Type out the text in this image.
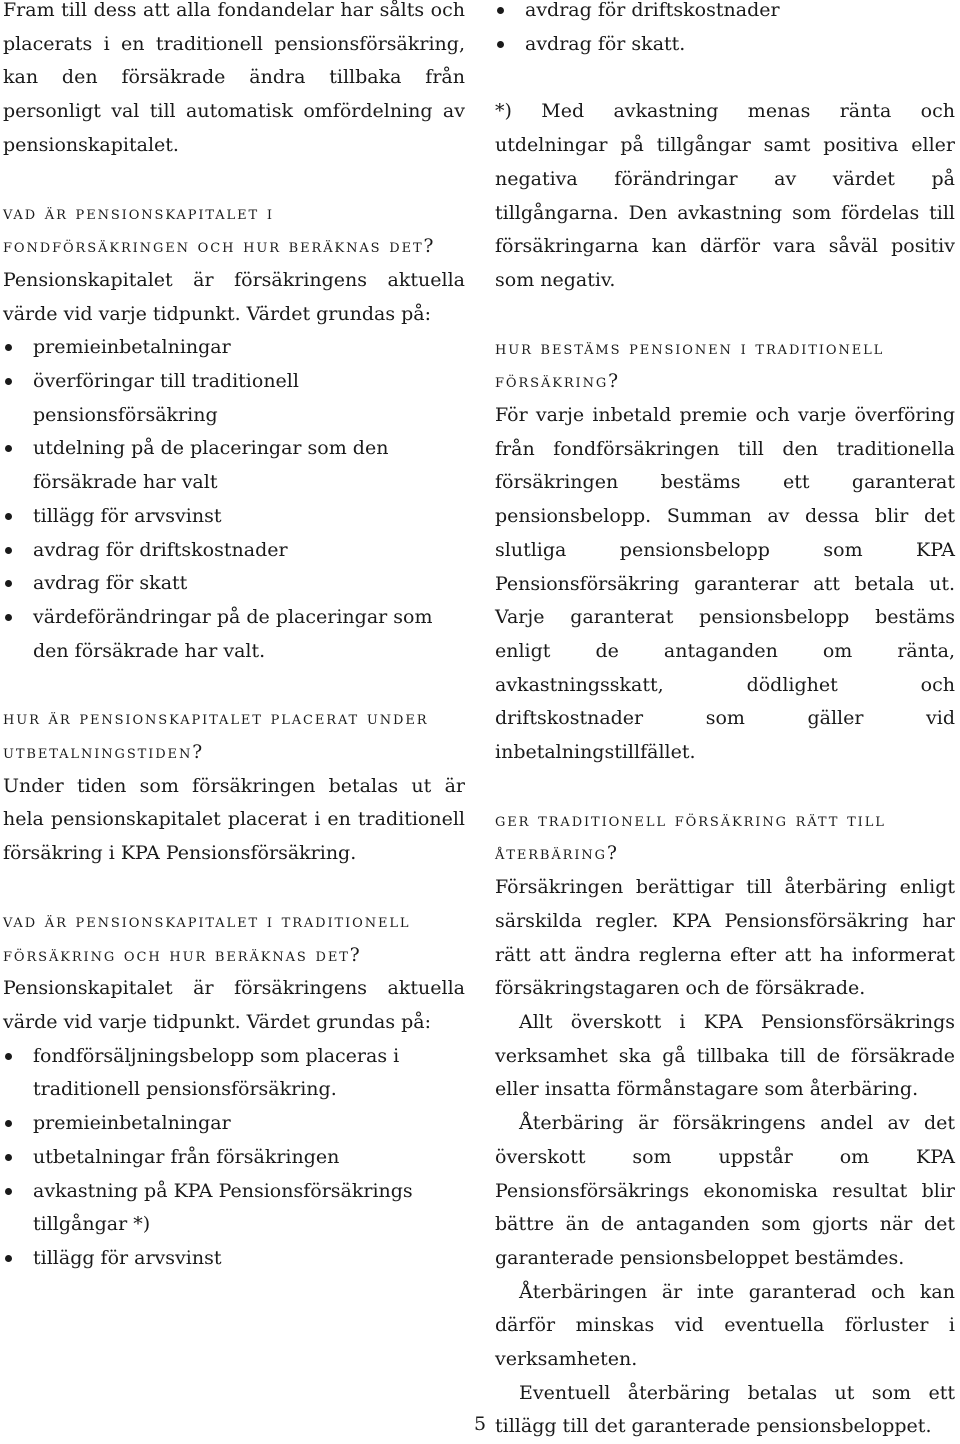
Fram till dess att alla fondandelar har sålts och placerats i en traditionell pensionsförsäkring, kan den försäkrade ändra tillbaka från personligt val till automatisk omfördelning av pensionskapitalet.

vad är pensionskapitalet i fondförsäkringen och hur beräknas det?

Pensionskapitalet är försäkringens aktuella värde vid varje tidpunkt. Värdet grundas på:

premieinbetalningar
överföringar till traditionell pensionsförsäkring
utdelning på de placeringar som den försäkrade har valt
tillägg för arvsvinst
avdrag för driftskostnader
avdrag för skatt
värdeförändringar på de placeringar som den försäkrade har valt.
hur är pensionskapitalet placerat under utbetalningstiden?

Under tiden som försäkringen betalas ut är hela pensionskapitalet placerat i en traditionell försäkring i KPA Pensionsförsäkring.

vad är pensionskapitalet i traditionell försäkring och hur beräknas det?

Pensionskapitalet är försäkringens aktuella värde vid varje tidpunkt. Värdet grundas på:

fondförsäljningsbelopp som placeras i traditionell pensionsförsäkring.
premieinbetalningar
utbetalningar från försäkringen
avkastning på KPA Pensionsförsäkrings tillgångar *)
tillägg för arvsvinst
avdrag för driftskostnader
avdrag för skatt.

*) Med avkastning menas ränta och utdelningar på tillgångar samt positiva eller negativa förändringar av värdet på tillgångarna. Den avkastning som fördelas till försäkringarna kan därför vara såväl positiv som negativ.

hur bestäms pensionen i traditionell försäkring?

För varje inbetald premie och varje överföring från fondförsäkringen till den traditionella försäkringen bestäms ett garanterat pensionsbelopp. Summan av dessa blir det slutliga pensionsbelopp som KPA Pensionsförsäkring garanterar att betala ut. Varje garanterat pensionsbelopp bestäms enligt de antaganden om ränta, avkastningsskatt, dödlighet och driftskostnader som gäller vid inbetalningstillfället.

ger traditionell försäkring rätt till återbäring?

Försäkringen berättigar till återbäring enligt särskilda regler. KPA Pensionsförsäkring har rätt att ändra reglerna efter att ha informerat försäkringstagaren och de försäkrade.

Allt överskott i KPA Pensionsförsäkrings verksamhet ska gå tillbaka till de försäkrade eller insatta förmånstagare som återbäring.

Återbäring är försäkringens andel av det överskott som uppstår om KPA Pensionsförsäkrings ekonomiska resultat blir bättre än de antaganden som gjorts när det garanterade pensionsbeloppet bestämdes.

Återbäringen är inte garanterad och kan därför minskas vid eventuella förluster i verksamheten.

Eventuell återbäring betalas ut som ett tillägg till det garanterade pensionsbeloppet.

5
